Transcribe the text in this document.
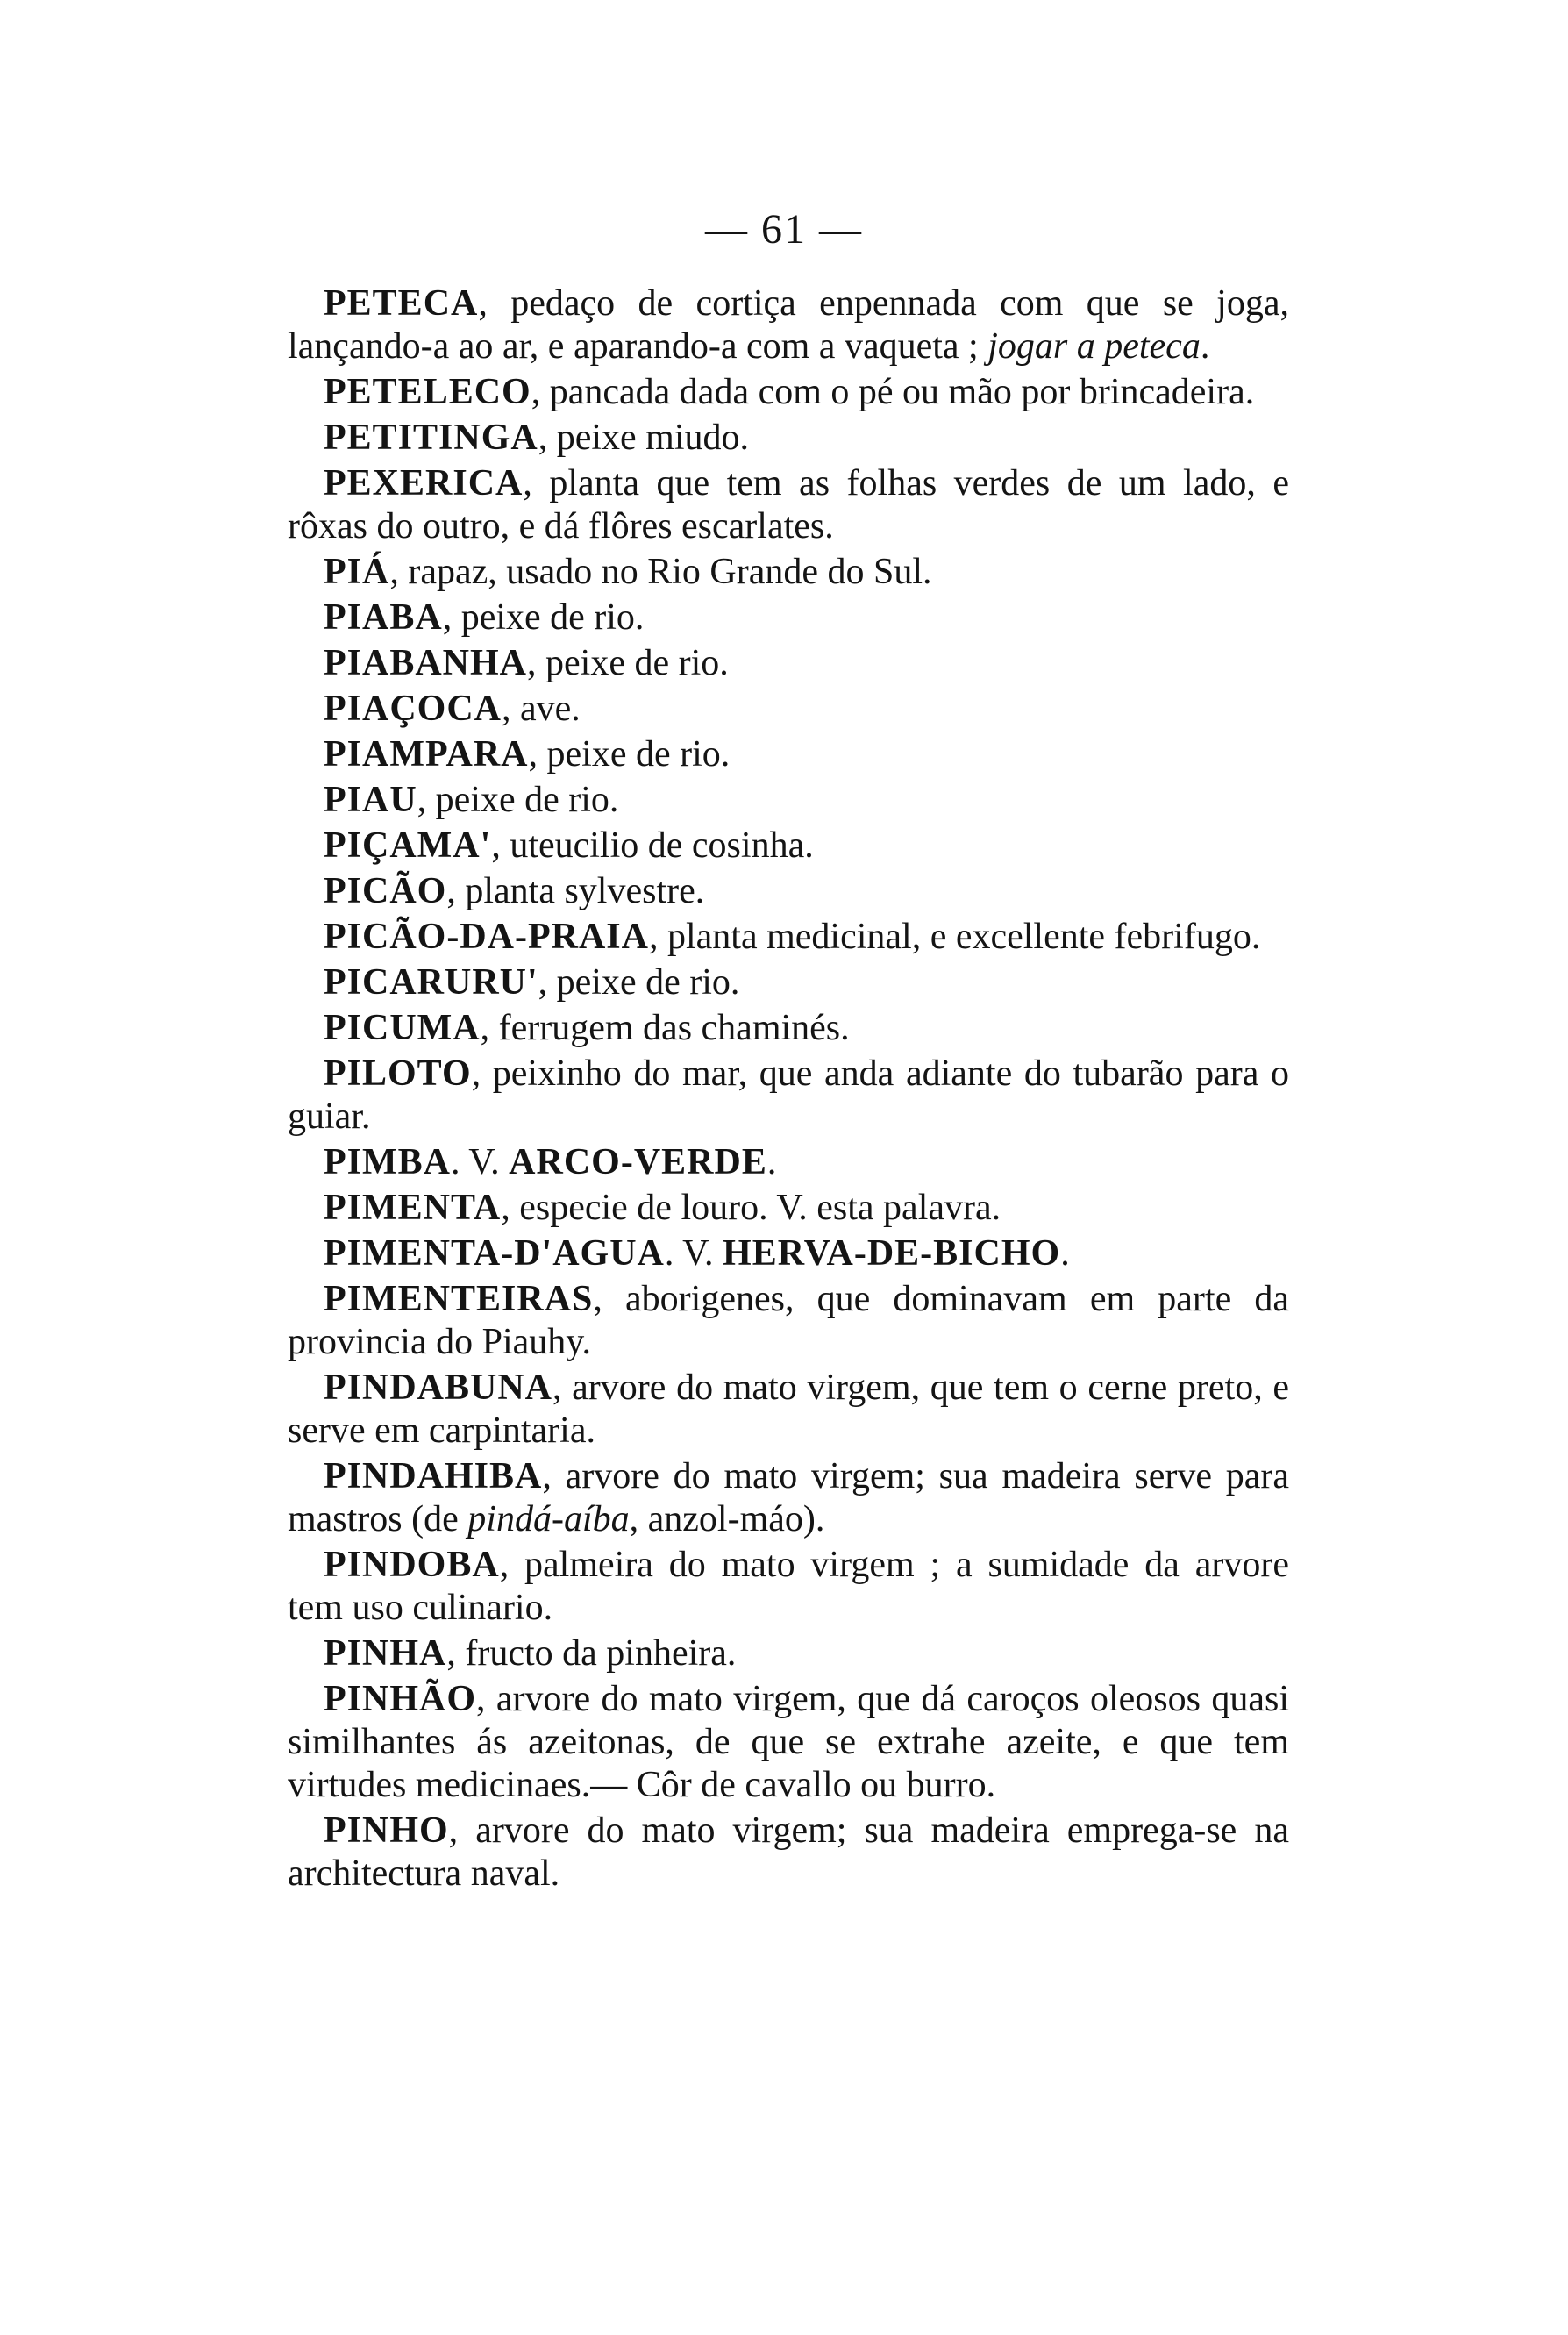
— 61 —

PETECA, pedaço de cortiça enpennada com que se joga, lançando-a ao ar, e aparando-a com a vaqueta ; jogar a peteca.

PETELECO, pancada dada com o pé ou mão por brincadeira.

PETITINGA, peixe miudo.

PEXERICA, planta que tem as folhas verdes de um lado, e rôxas do outro, e dá flôres escarlates.

PIÁ, rapaz, usado no Rio Grande do Sul.

PIABA, peixe de rio.

PIABANHA, peixe de rio.

PIAÇOCA, ave.

PIAMPARA, peixe de rio.

PIAU, peixe de rio.

PIÇAMA', uteucilio de cosinha.

PICÃO, planta sylvestre.

PICÃO-DA-PRAIA, planta medicinal, e excellente febrifugo.

PICARURU', peixe de rio.

PICUMA, ferrugem das chaminés.

PILOTO, peixinho do mar, que anda adiante do tubarão para o guiar.

PIMBA. V. ARCO-VERDE.

PIMENTA, especie de louro. V. esta palavra.

PIMENTA-D'AGUA. V. HERVA-DE-BICHO.

PIMENTEIRAS, aborigenes, que dominavam em parte da provincia do Piauhy.

PINDABUNA, arvore do mato virgem, que tem o cerne preto, e serve em carpintaria.

PINDAHIBA, arvore do mato virgem; sua madeira serve para mastros (de pindá-aíba, anzol-máo).

PINDOBA, palmeira do mato virgem ; a sumidade da arvore tem uso culinario.

PINHA, fructo da pinheira.

PINHÃO, arvore do mato virgem, que dá caroços oleosos quasi similhantes ás azeitonas, de que se extrahe azeite, e que tem virtudes medicinaes.— Côr de cavallo ou burro.

PINHO, arvore do mato virgem; sua madeira emprega-se na architectura naval.
